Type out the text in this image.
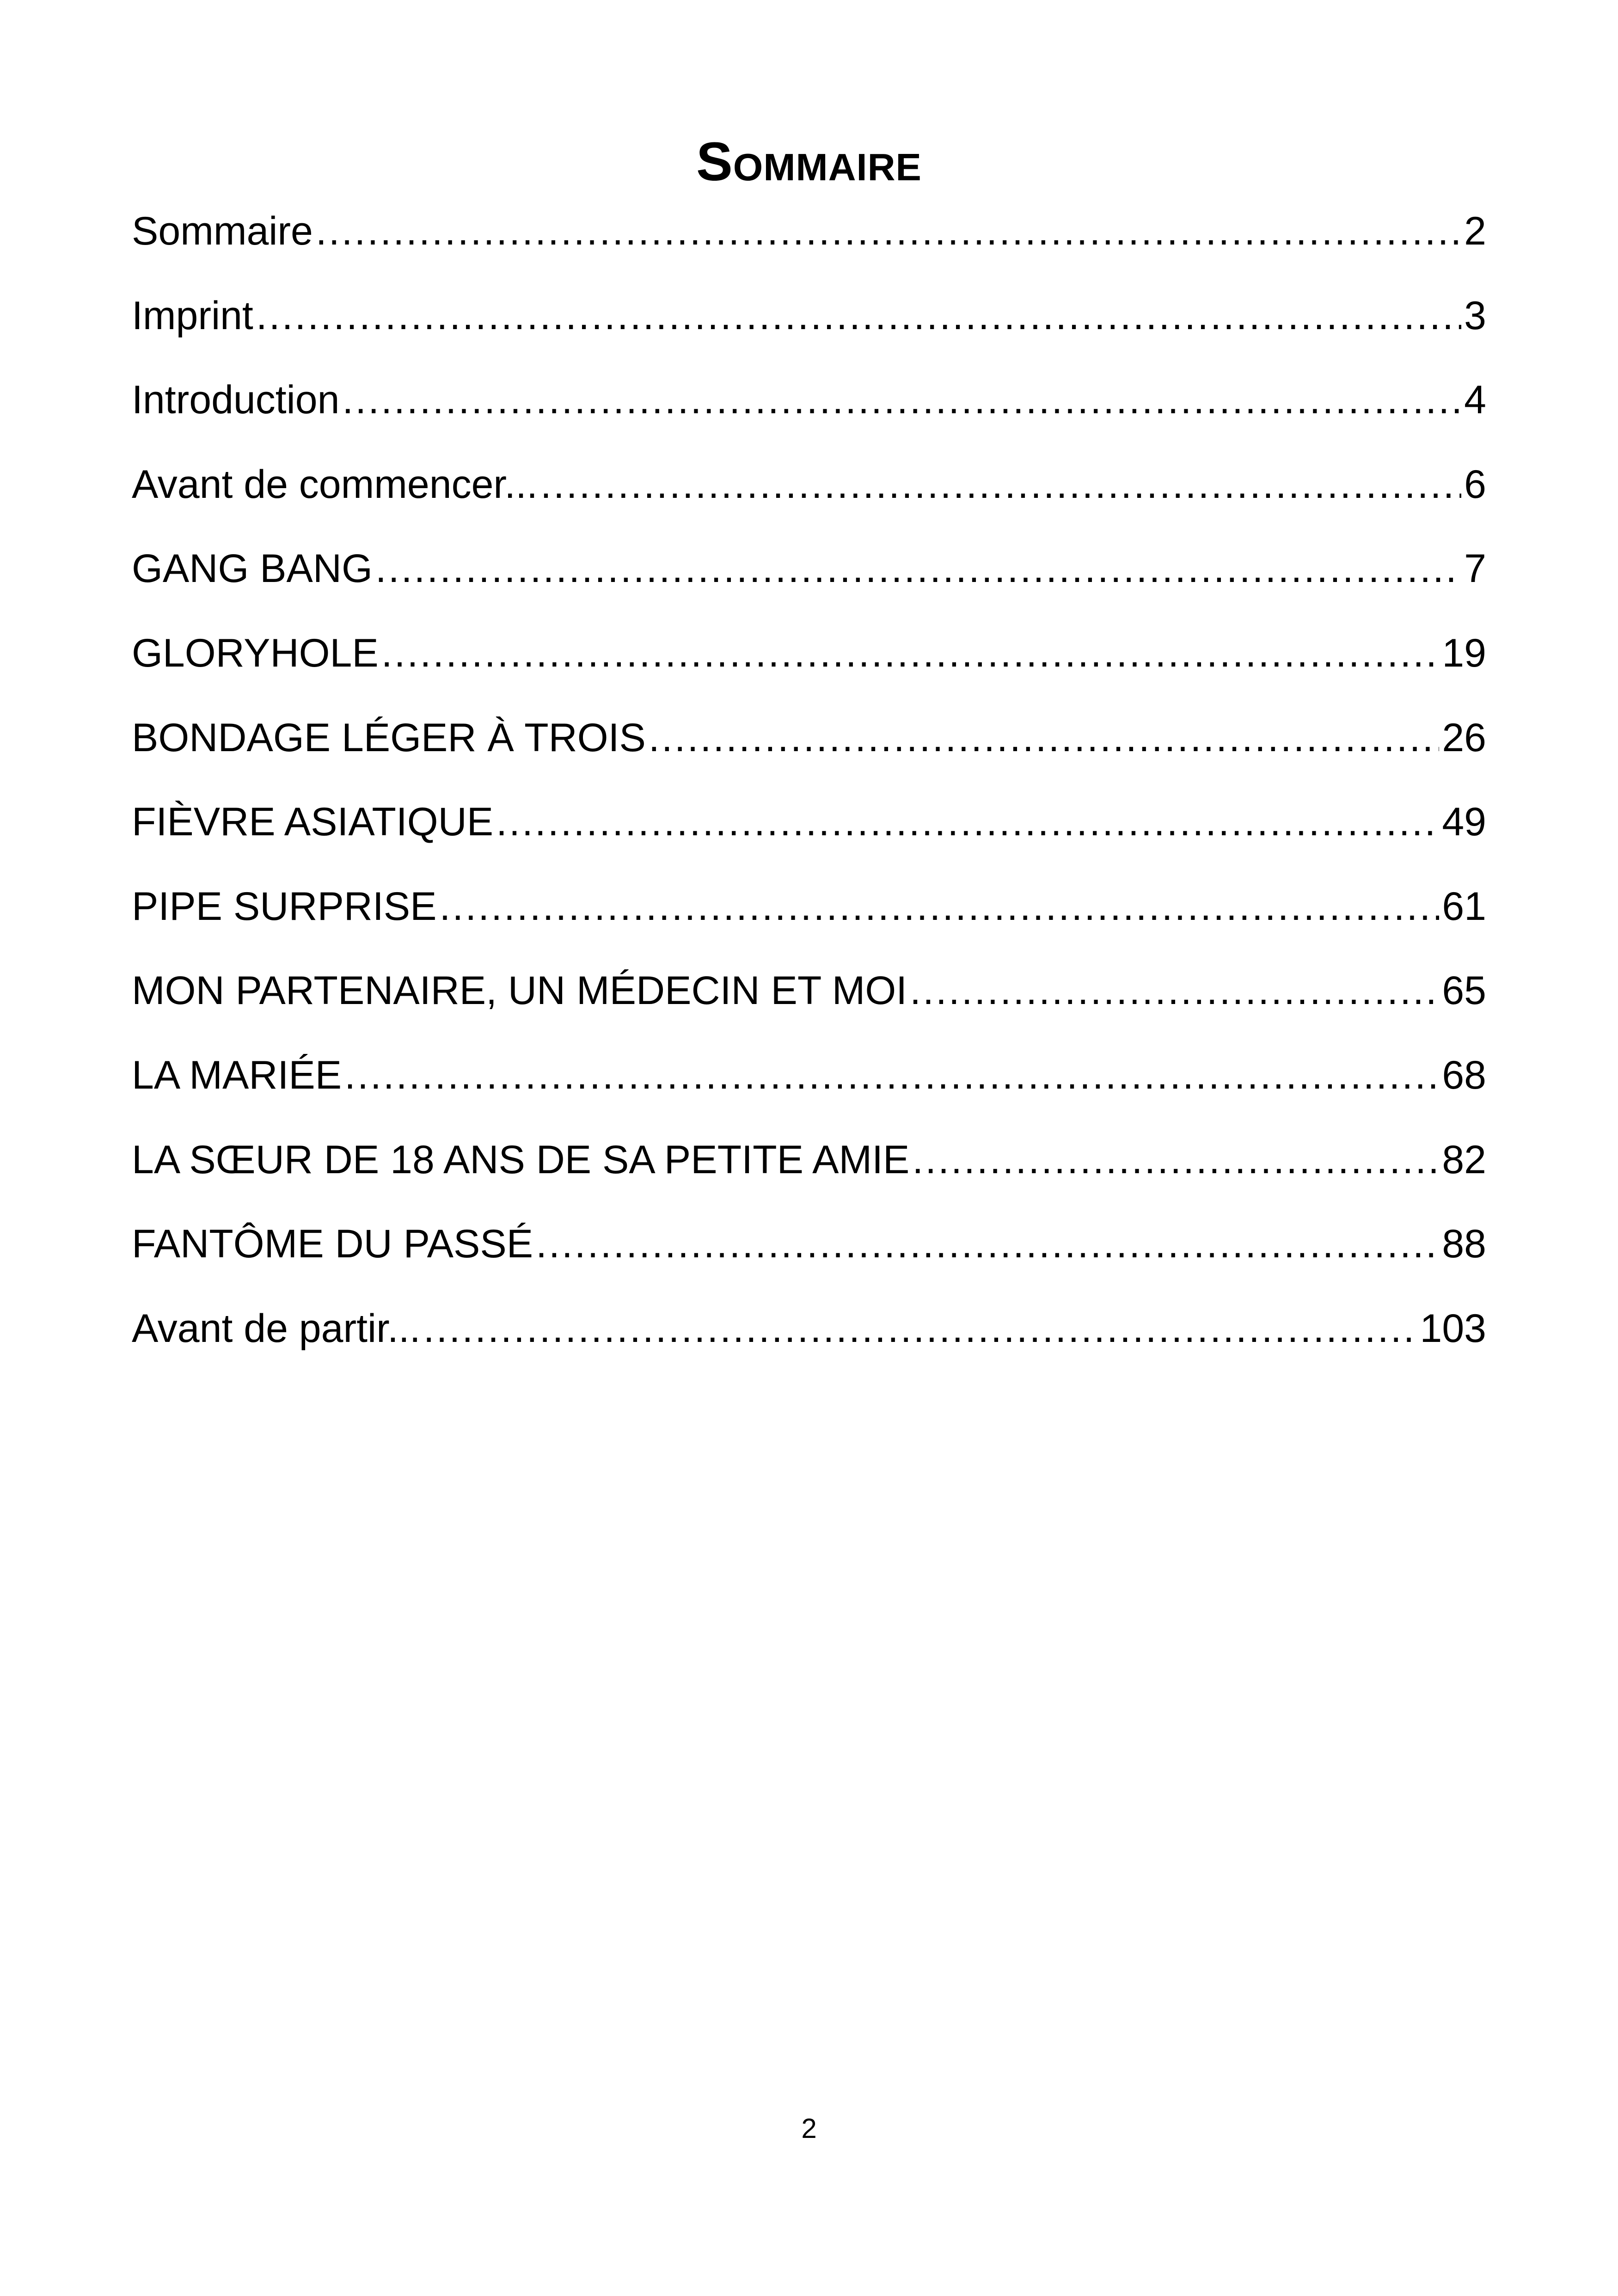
Sommaire
Sommaire .....	2
Imprint .....	3
Introduction .....	4
Avant de commencer... .....	6
GANG BANG .....	7
GLORYHOLE .....	19
BONDAGE LÉGER À TROIS .....	26
FIÈVRE ASIATIQUE .....	49
PIPE SURPRISE .....	61
MON PARTENAIRE, UN MÉDECIN ET MOI .....	65
LA MARIÉE .....	68
LA SŒUR DE 18 ANS DE SA PETITE AMIE .....	82
FANTÔME DU PASSÉ .....	88
Avant de partir... .....	103
2
